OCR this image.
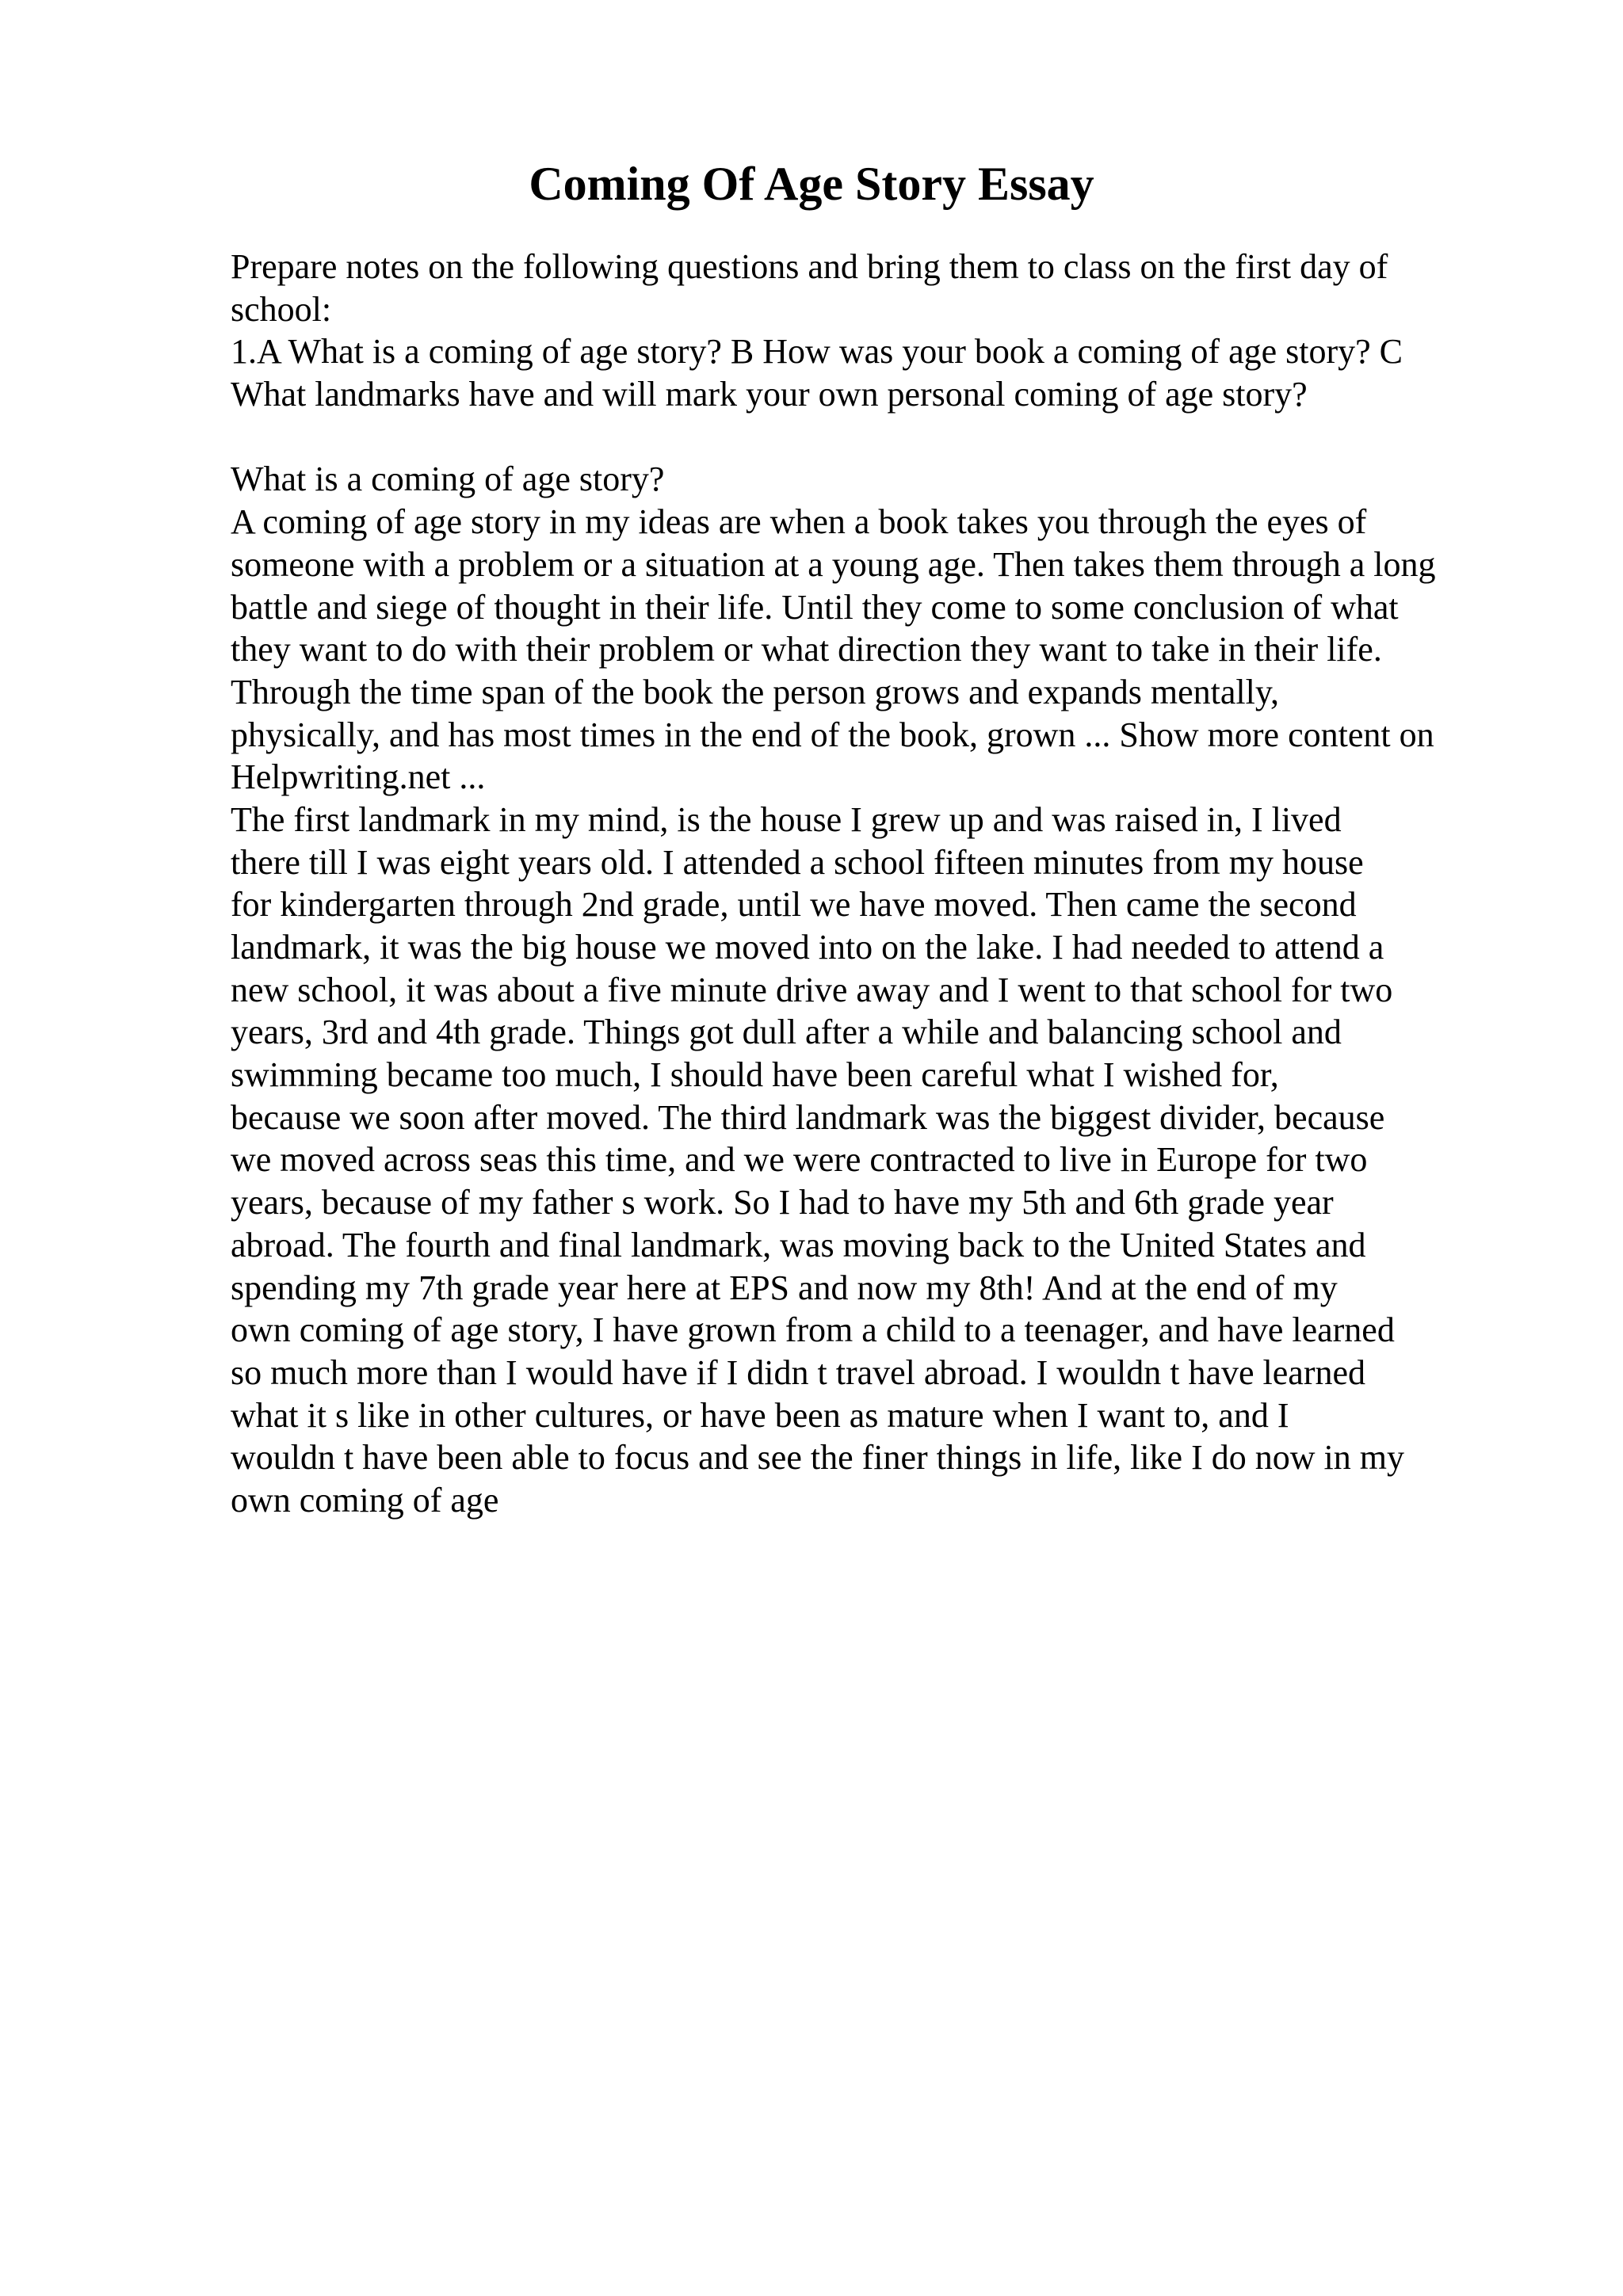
Coming Of Age Story Essay
Prepare notes on the following questions and bring them to class on the first day of
school:
1.A What is a coming of age story? B How was your book a coming of age story? C
What landmarks have and will mark your own personal coming of age story?
What is a coming of age story?
A coming of age story in my ideas are when a book takes you through the eyes of
someone with a problem or a situation at a young age. Then takes them through a long
battle and siege of thought in their life. Until they come to some conclusion of what
they want to do with their problem or what direction they want to take in their life.
Through the time span of the book the person grows and expands mentally,
physically, and has most times in the end of the book, grown ... Show more content on
Helpwriting.net ...
The first landmark in my mind, is the house I grew up and was raised in, I lived
there till I was eight years old. I attended a school fifteen minutes from my house
for kindergarten through 2nd grade, until we have moved. Then came the second
landmark, it was the big house we moved into on the lake. I had needed to attend a
new school, it was about a five minute drive away and I went to that school for two
years, 3rd and 4th grade. Things got dull after a while and balancing school and
swimming became too much, I should have been careful what I wished for,
because we soon after moved. The third landmark was the biggest divider, because
we moved across seas this time, and we were contracted to live in Europe for two
years, because of my father s work. So I had to have my 5th and 6th grade year
abroad. The fourth and final landmark, was moving back to the United States and
spending my 7th grade year here at EPS and now my 8th! And at the end of my
own coming of age story, I have grown from a child to a teenager, and have learned
so much more than I would have if I didn t travel abroad. I wouldn t have learned
what it s like in other cultures, or have been as mature when I want to, and I
wouldn t have been able to focus and see the finer things in life, like I do now in my
own coming of age
